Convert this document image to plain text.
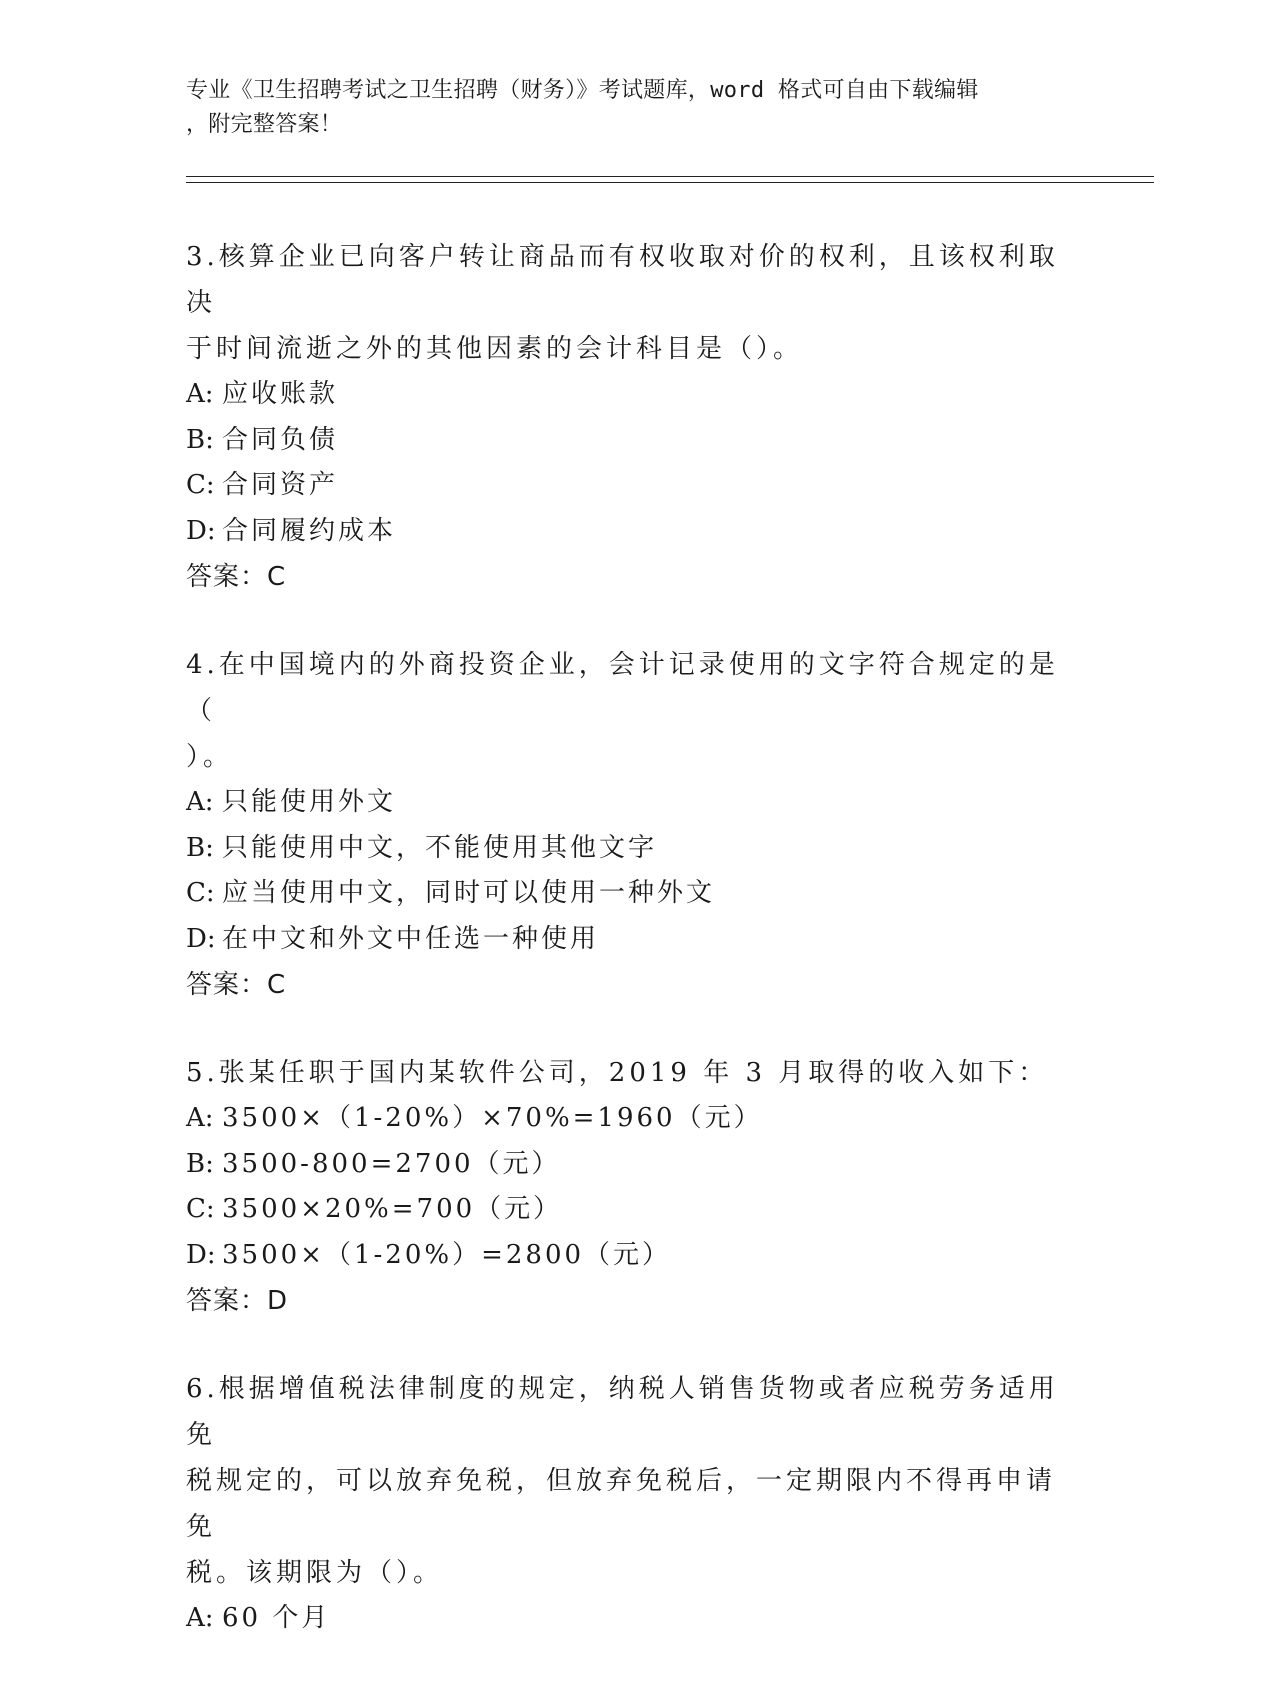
专业《卫生招聘考试之卫生招聘（财务）》考试题库，word 格式可自由下载编辑
，附完整答案！

3.核算企业已向客户转让商品而有权收取对价的权利，且该权利取决

于时间流逝之外的其他因素的会计科目是（）。

A: 应收账款

B: 合同负债

C: 合同资产

D: 合同履约成本

答案：C

4.在中国境内的外商投资企业，会计记录使用的文字符合规定的是（

）。

A: 只能使用外文

B: 只能使用中文，不能使用其他文字

C: 应当使用中文，同时可以使用一种外文

D: 在中文和外文中任选一种使用

答案：C

5.张某任职于国内某软件公司，2019 年 3 月取得的收入如下：

A: 3500×（1-20%）×70%=1960（元）

B: 3500-800=2700（元）

C: 3500×20%=700（元）

D: 3500×（1-20%）=2800（元）

答案：D

6.根据增值税法律制度的规定，纳税人销售货物或者应税劳务适用免

税规定的，可以放弃免税，但放弃免税后，一定期限内不得再申请免

税。该期限为（）。

A: 60 个月
